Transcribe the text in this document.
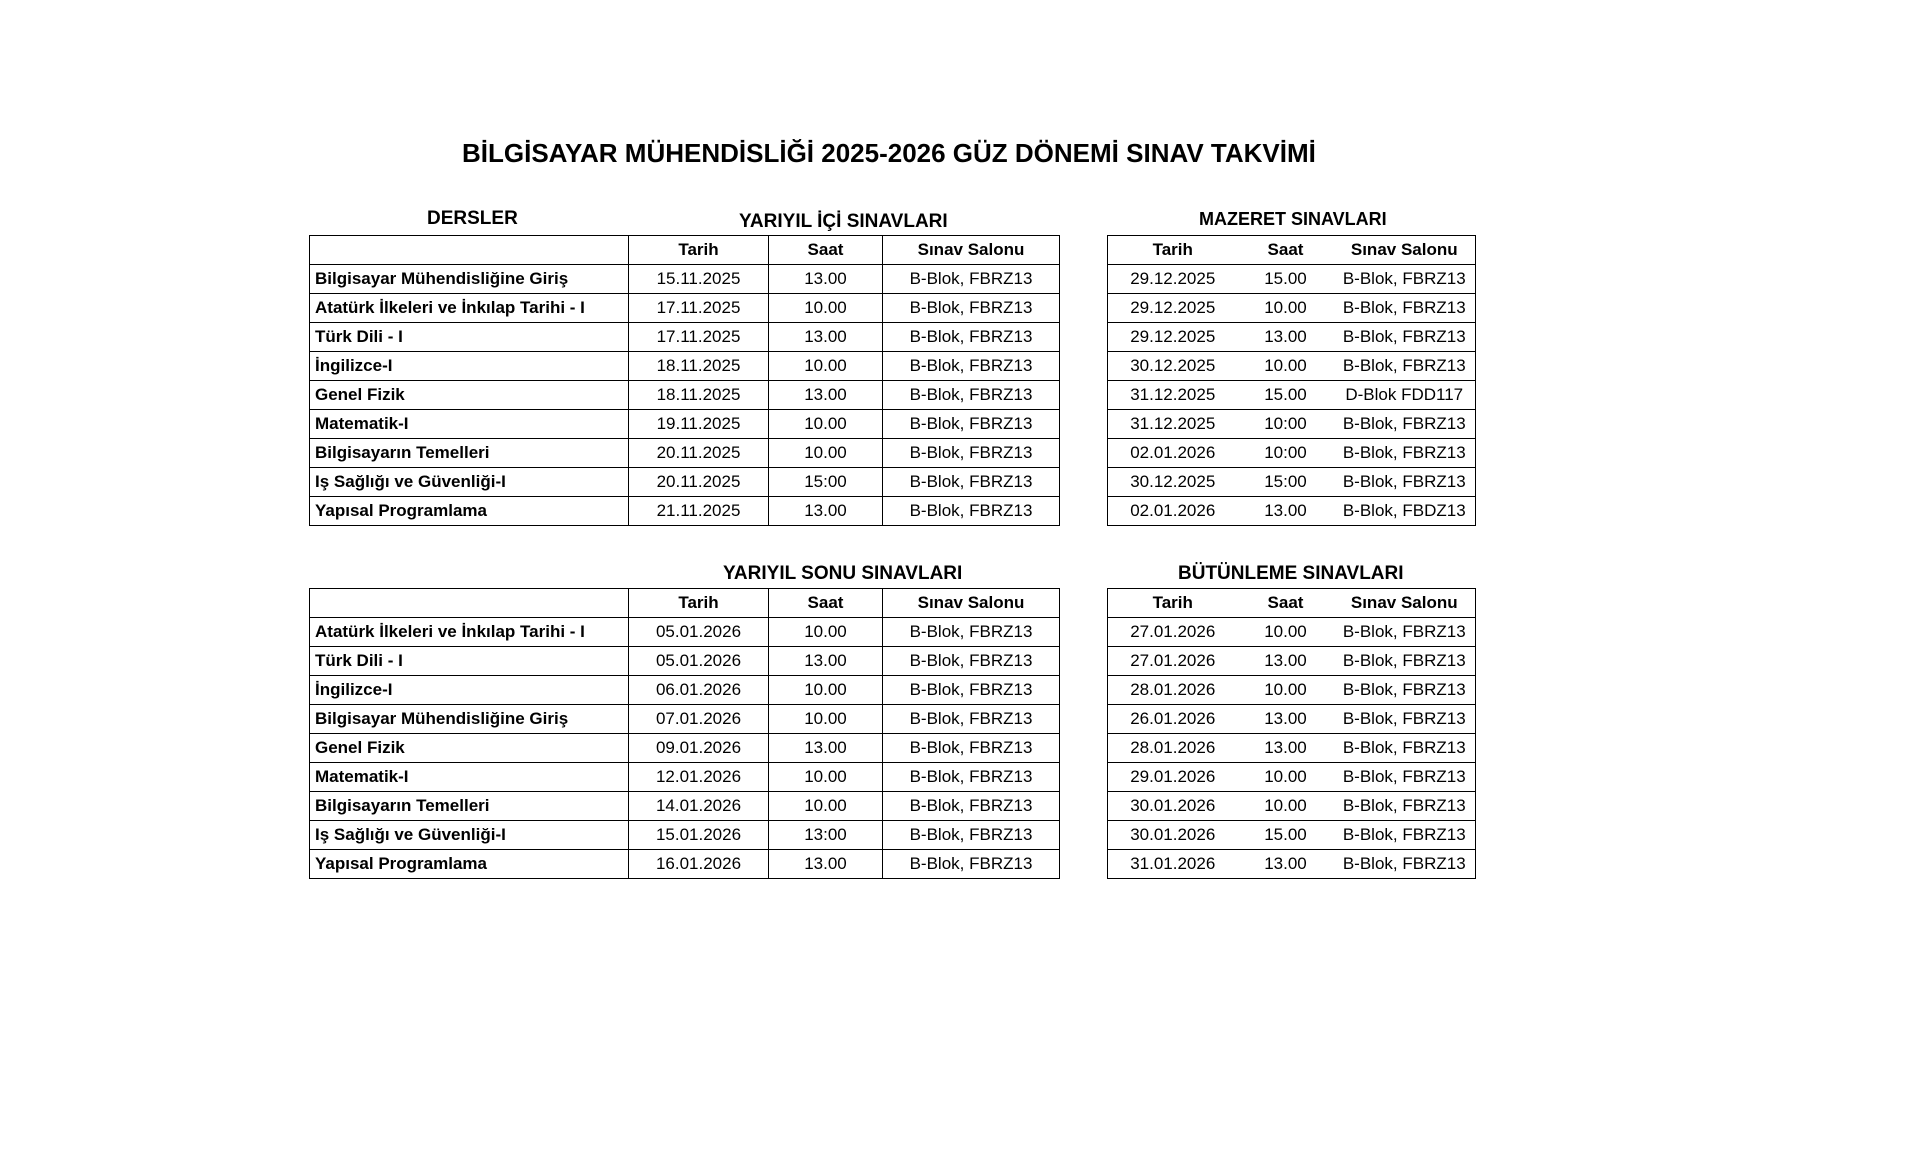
BİLGİSAYAR MÜHENDİSLİĞİ 2025-2026 GÜZ DÖNEMİ SINAV TAKVİMİ
DERSLER	YARIYIL İÇİ SINAVLARI	MAZERET SINAVLARI
YARIYIL SONU SINAVLARI	BÜTÜNLEME SINAVLARI
	Tarih	Saat	Sınav Salonu
Bilgisayar Mühendisliğine Giriş	15.11.2025	13.00	B-Blok, FBRZ13
Atatürk İlkeleri ve İnkılap Tarihi - I	17.11.2025	10.00	B-Blok, FBRZ13
Türk Dili - I	17.11.2025	13.00	B-Blok, FBRZ13
İngilizce-I	18.11.2025	10.00	B-Blok, FBRZ13
Genel Fizik	18.11.2025	13.00	B-Blok, FBRZ13
Matematik-I	19.11.2025	10.00	B-Blok, FBRZ13
Bilgisayarın Temelleri	20.11.2025	10.00	B-Blok, FBRZ13
Iş Sağlığı ve Güvenliği-I	20.11.2025	15:00	B-Blok, FBRZ13
Yapısal Programlama	21.11.2025	13.00	B-Blok, FBRZ13
Tarih	Saat	Sınav Salonu
29.12.2025	15.00	B-Blok, FBRZ13
29.12.2025	10.00	B-Blok, FBRZ13
29.12.2025	13.00	B-Blok, FBRZ13
30.12.2025	10.00	B-Blok, FBRZ13
31.12.2025	15.00	D-Blok FDD117
31.12.2025	10:00	B-Blok, FBRZ13
02.01.2026	10:00	B-Blok, FBRZ13
30.12.2025	15:00	B-Blok, FBRZ13
02.01.2026	13.00	B-Blok, FBDZ13
	Tarih	Saat	Sınav Salonu
Atatürk İlkeleri ve İnkılap Tarihi - I	05.01.2026	10.00	B-Blok, FBRZ13
Türk Dili - I	05.01.2026	13.00	B-Blok, FBRZ13
İngilizce-I	06.01.2026	10.00	B-Blok, FBRZ13
Bilgisayar Mühendisliğine Giriş	07.01.2026	10.00	B-Blok, FBRZ13
Genel Fizik	09.01.2026	13.00	B-Blok, FBRZ13
Matematik-I	12.01.2026	10.00	B-Blok, FBRZ13
Bilgisayarın Temelleri	14.01.2026	10.00	B-Blok, FBRZ13
Iş Sağlığı ve Güvenliği-I	15.01.2026	13:00	B-Blok, FBRZ13
Yapısal Programlama	16.01.2026	13.00	B-Blok, FBRZ13
Tarih	Saat	Sınav Salonu
27.01.2026	10.00	B-Blok, FBRZ13
27.01.2026	13.00	B-Blok, FBRZ13
28.01.2026	10.00	B-Blok, FBRZ13
26.01.2026	13.00	B-Blok, FBRZ13
28.01.2026	13.00	B-Blok, FBRZ13
29.01.2026	10.00	B-Blok, FBRZ13
30.01.2026	10.00	B-Blok, FBRZ13
30.01.2026	15.00	B-Blok, FBRZ13
31.01.2026	13.00	B-Blok, FBRZ13
